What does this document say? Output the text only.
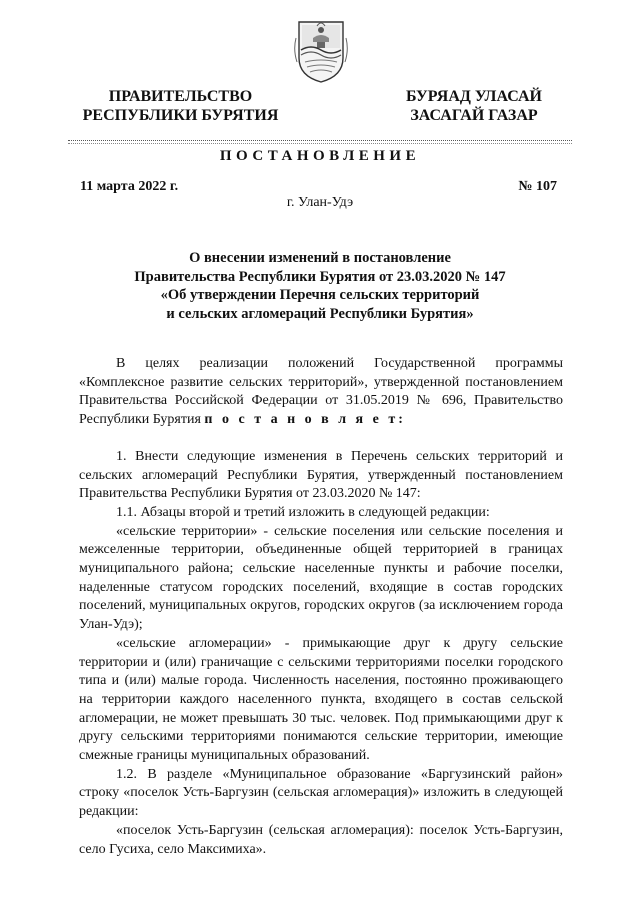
ПРАВИТЕЛЬСТВО
РЕСПУБЛИКИ БУРЯТИЯ
БУРЯАД УЛАСАЙ
ЗАСАГАЙ ГАЗАР
ПОСТАНОВЛЕНИЕ
11 марта 2022 г.	№ 107
г. Улан-Удэ
О внесении изменений в постановление
Правительства Республики Бурятия от 23.03.2020 № 147
«Об утверждении Перечня сельских территорий
и сельских агломераций Республики Бурятия»

В целях реализации положений Государственной программы «Комплексное развитие сельских территорий», утвержденной постановлением Правительства Российской Федерации от 31.05.2019 № 696, Правительство Республики Бурятия п о с т а н о в л я е т:

1. Внести следующие изменения в Перечень сельских территорий и сельских агломераций Республики Бурятия, утвержденный постановлением Правительства Республики Бурятия от 23.03.2020 № 147:

1.1. Абзацы второй и третий изложить в следующей редакции:

«сельские территории» - сельские поселения или сельские поселения и межселенные территории, объединенные общей территорией в границах муниципального района; сельские населенные пункты и рабочие поселки, наделенные статусом городских поселений, входящие в состав городских поселений, муниципальных округов, городских округов (за исключением города Улан-Удэ);

«сельские агломерации» - примыкающие друг к другу сельские территории и (или) граничащие с сельскими территориями поселки городского типа и (или) малые города. Численность населения, постоянно проживающего на территории каждого населенного пункта, входящего в состав сельской агломерации, не может превышать 30 тыс. человек. Под примыкающими друг к другу сельскими территориями понимаются сельские территории, имеющие смежные границы муниципальных образований.

1.2. В разделе «Муниципальное образование «Баргузинский район» строку «поселок Усть-Баргузин (сельская агломерация)» изложить в следующей редакции:

«поселок Усть-Баргузин (сельская агломерация): поселок Усть-Баргузин, село Гусиха, село Максимиха».
